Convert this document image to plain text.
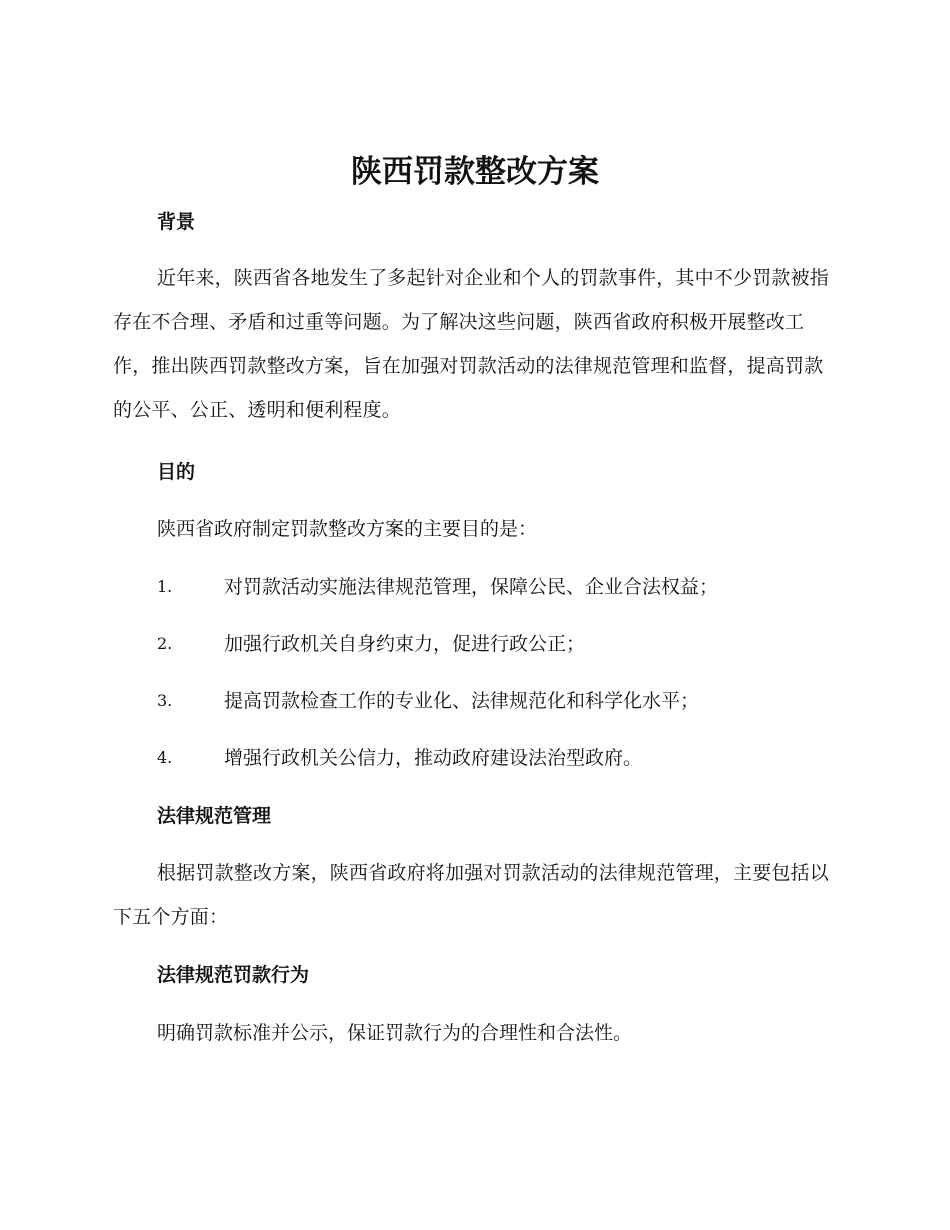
陕西罚款整改方案
背景

近年来，陕西省各地发生了多起针对企业和个人的罚款事件，其中不少罚款被指存在不合理、矛盾和过重等问题。为了解决这些问题，陕西省政府积极开展整改工作，推出陕西罚款整改方案，旨在加强对罚款活动的法律规范管理和监督，提高罚款的公平、公正、透明和便利程度。

目的

陕西省政府制定罚款整改方案的主要目的是：

1.	对罚款活动实施法律规范管理，保障公民、企业合法权益；
2.	加强行政机关自身约束力，促进行政公正；
3.	提高罚款检查工作的专业化、法律规范化和科学化水平；
4.	增强行政机关公信力，推动政府建设法治型政府。
法律规范管理

根据罚款整改方案，陕西省政府将加强对罚款活动的法律规范管理，主要包括以下五个方面：

法律规范罚款行为

明确罚款标准并公示，保证罚款行为的合理性和合法性。
